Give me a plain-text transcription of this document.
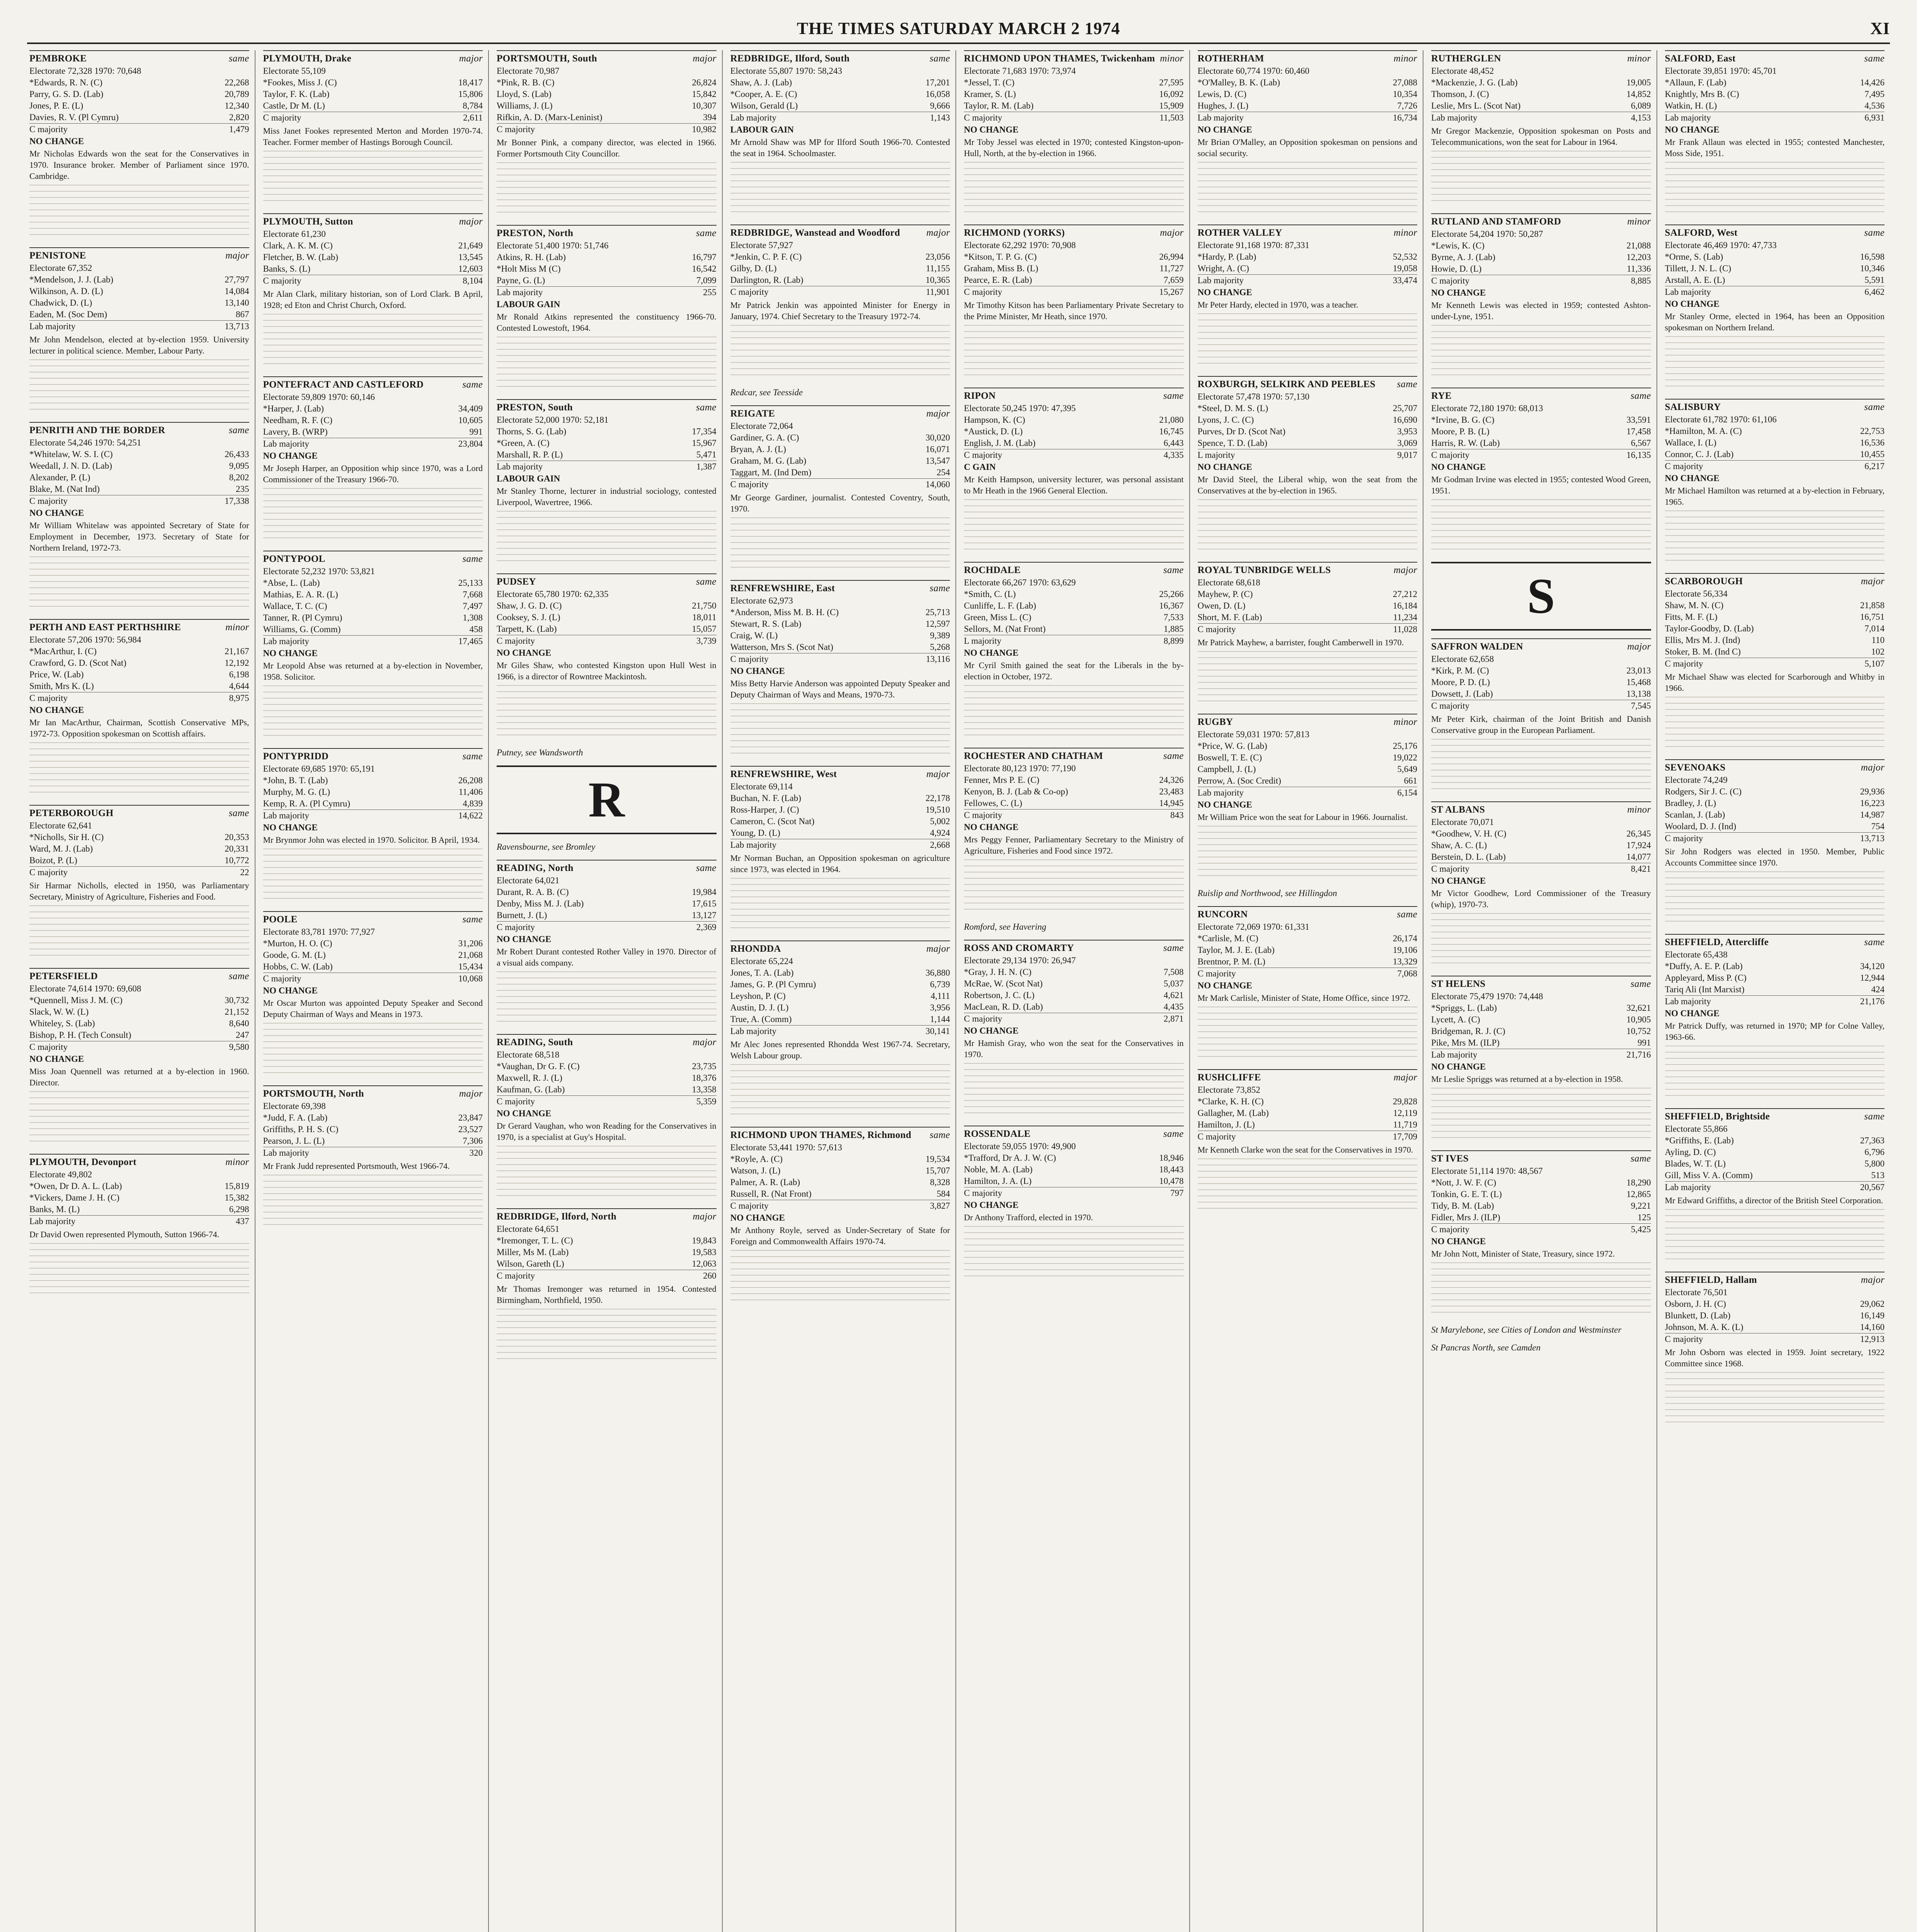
THE TIMES SATURDAY MARCH 2 1974	XI
PEMBROKE	same
Electorate 72,328 1970: 70,648
*Edwards, R. N. (C)	22,268
Parry, G. S. D. (Lab)	20,789
Jones, P. E. (L)	12,340
Davies, R. V. (Pl Cymru)	2,820
C majority	1,479
NO CHANGE
Mr Nicholas Edwards won the seat for the Conservatives in 1970. Insurance broker. Member of Parliament since 1970. Cambridge.
PENISTONE	major
Electorate 67,352
*Mendelson, J. J. (Lab)	27,797
Wilkinson, A. D. (L)	14,084
Chadwick, D. (L)	13,140
Eaden, M. (Soc Dem)	867
Lab majority	13,713
Mr John Mendelson, elected at by-election 1959. University lecturer in political science. Member, Labour Party.
PENRITH AND THE BORDER	same
Electorate 54,246 1970: 54,251
*Whitelaw, W. S. I. (C)	26,433
Weedall, J. N. D. (Lab)	9,095
Alexander, P. (L)	8,202
Blake, M. (Nat Ind)	235
C majority	17,338
NO CHANGE
Mr William Whitelaw was appointed Secretary of State for Employment in December, 1973. Secretary of State for Northern Ireland, 1972-73.
PERTH AND EAST PERTHSHIRE	minor
Electorate 57,206 1970: 56,984
*MacArthur, I. (C)	21,167
Crawford, G. D. (Scot Nat)	12,192
Price, W. (Lab)	6,198
Smith, Mrs K. (L)	4,644
C majority	8,975
NO CHANGE
Mr Ian MacArthur, Chairman, Scottish Conservative MPs, 1972-73. Opposition spokesman on Scottish affairs.
PETERBOROUGH	same
Electorate 62,641
*Nicholls, Sir H. (C)	20,353
Ward, M. J. (Lab)	20,331
Boizot, P. (L)	10,772
C majority	22
Sir Harmar Nicholls, elected in 1950, was Parliamentary Secretary, Ministry of Agriculture, Fisheries and Food.
PETERSFIELD	same
Electorate 74,614 1970: 69,608
*Quennell, Miss J. M. (C)	30,732
Slack, W. W. (L)	21,152
Whiteley, S. (Lab)	8,640
Bishop, P. H. (Tech Consult)	247
C majority	9,580
NO CHANGE
Miss Joan Quennell was returned at a by-election in 1960. Director.
PLYMOUTH, Devonport	minor
Electorate 49,802
*Owen, Dr D. A. L. (Lab)	15,819
*Vickers, Dame J. H. (C)	15,382
Banks, M. (L)	6,298
Lab majority	437
Dr David Owen represented Plymouth, Sutton 1966-74.
PLYMOUTH, Drake	major
Electorate 55,109
*Fookes, Miss J. (C)	18,417
Taylor, F. K. (Lab)	15,806
Castle, Dr M. (L)	8,784
C majority	2,611
Miss Janet Fookes represented Merton and Morden 1970-74. Teacher. Former member of Hastings Borough Council.
PLYMOUTH, Sutton	major
Electorate 61,230
Clark, A. K. M. (C)	21,649
Fletcher, B. W. (Lab)	13,545
Banks, S. (L)	12,603
C majority	8,104
Mr Alan Clark, military historian, son of Lord Clark. B April, 1928; ed Eton and Christ Church, Oxford.
PONTEFRACT AND CASTLEFORD	same
Electorate 59,809 1970: 60,146
*Harper, J. (Lab)	34,409
Needham, R. F. (C)	10,605
Lavery, B. (WRP)	991
Lab majority	23,804
NO CHANGE
Mr Joseph Harper, an Opposition whip since 1970, was a Lord Commissioner of the Treasury 1966-70.
PONTYPOOL	same
Electorate 52,232 1970: 53,821
*Abse, L. (Lab)	25,133
Mathias, E. A. R. (L)	7,668
Wallace, T. C. (C)	7,497
Tanner, R. (Pl Cymru)	1,308
Williams, G. (Comm)	458
Lab majority	17,465
NO CHANGE
Mr Leopold Abse was returned at a by-election in November, 1958. Solicitor.
PONTYPRIDD	same
Electorate 69,685 1970: 65,191
*John, B. T. (Lab)	26,208
Murphy, M. G. (L)	11,406
Kemp, R. A. (Pl Cymru)	4,839
Lab majority	14,622
NO CHANGE
Mr Brynmor John was elected in 1970. Solicitor. B April, 1934.
POOLE	same
Electorate 83,781 1970: 77,927
*Murton, H. O. (C)	31,206
Goode, G. M. (L)	21,068
Hobbs, C. W. (Lab)	15,434
C majority	10,068
NO CHANGE
Mr Oscar Murton was appointed Deputy Speaker and Second Deputy Chairman of Ways and Means in 1973.
PORTSMOUTH, North	major
Electorate 69,398
*Judd, F. A. (Lab)	23,847
Griffiths, P. H. S. (C)	23,527
Pearson, J. L. (L)	7,306
Lab majority	320
Mr Frank Judd represented Portsmouth, West 1966-74.
PORTSMOUTH, South	major
Electorate 70,987
*Pink, R. B. (C)	26,824
Lloyd, S. (Lab)	15,842
Williams, J. (L)	10,307
Rifkin, A. D. (Marx-Leninist)	394
C majority	10,982
Mr Bonner Pink, a company director, was elected in 1966. Former Portsmouth City Councillor.
PRESTON, North	same
Electorate 51,400 1970: 51,746
Atkins, R. H. (Lab)	16,797
*Holt Miss M (C)	16,542
Payne, G. (L)	7,099
Lab majority	255
LABOUR GAIN
Mr Ronald Atkins represented the constituency 1966-70. Contested Lowestoft, 1964.
PRESTON, South	same
Electorate 52,000 1970: 52,181
Thorns, S. G. (Lab)	17,354
*Green, A. (C)	15,967
Marshall, R. P. (L)	5,471
Lab majority	1,387
LABOUR GAIN
Mr Stanley Thorne, lecturer in industrial sociology, contested Liverpool, Wavertree, 1966.
PUDSEY	same
Electorate 65,780 1970: 62,335
Shaw, J. G. D. (C)	21,750
Cooksey, S. J. (L)	18,011
Tarpett, K. (Lab)	15,057
C majority	3,739
NO CHANGE
Mr Giles Shaw, who contested Kingston upon Hull West in 1966, is a director of Rowntree Mackintosh.
Putney, see Wandsworth
R
Ravensbourne, see Bromley
READING, North	same
Electorate 64,021
Durant, R. A. B. (C)	19,984
Denby, Miss M. J. (Lab)	17,615
Burnett, J. (L)	13,127
C majority	2,369
NO CHANGE
Mr Robert Durant contested Rother Valley in 1970. Director of a visual aids company.
READING, South	major
Electorate 68,518
*Vaughan, Dr G. F. (C)	23,735
Maxwell, R. J. (L)	18,376
Kaufman, G. (Lab)	13,358
C majority	5,359
NO CHANGE
Dr Gerard Vaughan, who won Reading for the Conservatives in 1970, is a specialist at Guy's Hospital.
REDBRIDGE, Ilford, North	major
Electorate 64,651
*Iremonger, T. L. (C)	19,843
Miller, Ms M. (Lab)	19,583
Wilson, Gareth (L)	12,063
C majority	260
Mr Thomas Iremonger was returned in 1954. Contested Birmingham, Northfield, 1950.
REDBRIDGE, Ilford, South	same
Electorate 55,807 1970: 58,243
Shaw, A. J. (Lab)	17,201
*Cooper, A. E. (C)	16,058
Wilson, Gerald (L)	9,666
Lab majority	1,143
LABOUR GAIN
Mr Arnold Shaw was MP for Ilford South 1966-70. Contested the seat in 1964. Schoolmaster.
REDBRIDGE, Wanstead and Woodford	major
Electorate 57,927
*Jenkin, C. P. F. (C)	23,056
Gilby, D. (L)	11,155
Darlington, R. (Lab)	10,365
C majority	11,901
Mr Patrick Jenkin was appointed Minister for Energy in January, 1974. Chief Secretary to the Treasury 1972-74.
Redcar, see Teesside
REIGATE	major
Electorate 72,064
Gardiner, G. A. (C)	30,020
Bryan, A. J. (L)	16,071
Graham, M. G. (Lab)	13,547
Taggart, M. (Ind Dem)	254
C majority	14,060
Mr George Gardiner, journalist. Contested Coventry, South, 1970.
RENFREWSHIRE, East	same
Electorate 62,973
*Anderson, Miss M. B. H. (C)	25,713
Stewart, R. S. (Lab)	12,597
Craig, W. (L)	9,389
Watterson, Mrs S. (Scot Nat)	5,268
C majority	13,116
NO CHANGE
Miss Betty Harvie Anderson was appointed Deputy Speaker and Deputy Chairman of Ways and Means, 1970-73.
RENFREWSHIRE, West	major
Electorate 69,114
Buchan, N. F. (Lab)	22,178
Ross-Harper, J. (C)	19,510
Cameron, C. (Scot Nat)	5,002
Young, D. (L)	4,924
Lab majority	2,668
Mr Norman Buchan, an Opposition spokesman on agriculture since 1973, was elected in 1964.
RHONDDA	major
Electorate 65,224
Jones, T. A. (Lab)	36,880
James, G. P. (Pl Cymru)	6,739
Leyshon, P. (C)	4,111
Austin, D. J. (L)	3,956
True, A. (Comm)	1,144
Lab majority	30,141
Mr Alec Jones represented Rhondda West 1967-74. Secretary, Welsh Labour group.
RICHMOND UPON THAMES, Richmond same
Electorate 53,441 1970: 57,613
*Royle, A. (C)	19,534
Watson, J. (L)	15,707
Palmer, A. R. (Lab)	8,328
Russell, R. (Nat Front)	584
C majority	3,827
NO CHANGE
Mr Anthony Royle, served as Under-Secretary of State for Foreign and Commonwealth Affairs 1970-74.
RICHMOND UPON THAMES, Twickenham minor
Electorate 71,683 1970: 73,974
*Jessel, T. (C)	27,595
Kramer, S. (L)	16,092
Taylor, R. M. (Lab)	15,909
C majority	11,503
NO CHANGE
Mr Toby Jessel was elected in 1970; contested Kingston-upon-Hull, North, at the by-election in 1966.
RICHMOND (YORKS)	major
Electorate 62,292 1970: 70,908
*Kitson, T. P. G. (C)	26,994
Graham, Miss B. (L)	11,727
Pearce, E. R. (Lab)	7,659
C majority	15,267
Mr Timothy Kitson has been Parliamentary Private Secretary to the Prime Minister, Mr Heath, since 1970.
RIPON	same
Electorate 50,245 1970: 47,395
Hampson, K. (C)	21,080
*Austick, D. (L)	16,745
English, J. M. (Lab)	6,443
C majority	4,335
C GAIN
Mr Keith Hampson, university lecturer, was personal assistant to Mr Heath in the 1966 General Election.
ROCHDALE	same
Electorate 66,267 1970: 63,629
*Smith, C. (L)	25,266
Cunliffe, L. F. (Lab)	16,367
Green, Miss L. (C)	7,533
Sellors, M. (Nat Front)	1,885
L majority	8,899
NO CHANGE
Mr Cyril Smith gained the seat for the Liberals in the by-election in October, 1972.
ROCHESTER AND CHATHAM	same
Electorate 80,123 1970: 77,190
Fenner, Mrs P. E. (C)	24,326
Kenyon, B. J. (Lab & Co-op)	23,483
Fellowes, C. (L)	14,945
C majority	843
NO CHANGE
Mrs Peggy Fenner, Parliamentary Secretary to the Ministry of Agriculture, Fisheries and Food since 1972.
Romford, see Havering
ROSS AND CROMARTY	same
Electorate 29,134 1970: 26,947
*Gray, J. H. N. (C)	7,508
McRae, W. (Scot Nat)	5,037
Robertson, J. C. (L)	4,621
MacLean, R. D. (Lab)	4,435
C majority	2,871
NO CHANGE
Mr Hamish Gray, who won the seat for the Conservatives in 1970.
ROSSENDALE	same
Electorate 59,055 1970: 49,900
*Trafford, Dr A. J. W. (C)	18,946
Noble, M. A. (Lab)	18,443
Hamilton, J. A. (L)	10,478
C majority	797
NO CHANGE
Dr Anthony Trafford, elected in 1970.
ROTHERHAM	minor
Electorate 60,774 1970: 60,460
*O'Malley, B. K. (Lab)	27,088
Lewis, D. (C)	10,354
Hughes, J. (L)	7,726
Lab majority	16,734
NO CHANGE
Mr Brian O'Malley, an Opposition spokesman on pensions and social security.
ROTHER VALLEY	minor
Electorate 91,168 1970: 87,331
*Hardy, P. (Lab)	52,532
Wright, A. (C)	19,058
Lab majority	33,474
NO CHANGE
Mr Peter Hardy, elected in 1970, was a teacher.
ROXBURGH, SELKIRK AND PEEBLES same
Electorate 57,478 1970: 57,130
*Steel, D. M. S. (L)	25,707
Lyons, J. C. (C)	16,690
Purves, Dr D. (Scot Nat)	3,953
Spence, T. D. (Lab)	3,069
L majority	9,017
NO CHANGE
Mr David Steel, the Liberal whip, won the seat from the Conservatives at the by-election in 1965.
ROYAL TUNBRIDGE WELLS	major
Electorate 68,618
Mayhew, P. (C)	27,212
Owen, D. (L)	16,184
Short, M. F. (Lab)	11,234
C majority	11,028
Mr Patrick Mayhew, a barrister, fought Camberwell in 1970.
RUGBY	minor
Electorate 59,031 1970: 57,813
*Price, W. G. (Lab)	25,176
Boswell, T. E. (C)	19,022
Campbell, J. (L)	5,649
Perrow, A. (Soc Credit)	661
Lab majority	6,154
NO CHANGE
Mr William Price won the seat for Labour in 1966. Journalist.
Ruislip and Northwood, see Hillingdon
RUNCORN	same
Electorate 72,069 1970: 61,331
*Carlisle, M. (C)	26,174
Taylor, M. J. E. (Lab)	19,106
Brentnor, P. M. (L)	13,329
C majority	7,068
NO CHANGE
Mr Mark Carlisle, Minister of State, Home Office, since 1972.
RUSHCLIFFE	major
Electorate 73,852
*Clarke, K. H. (C)	29,828
Gallagher, M. (Lab)	12,119
Hamilton, J. (L)	11,719
C majority	17,709
Mr Kenneth Clarke won the seat for the Conservatives in 1970.
RUTHERGLEN	minor
Electorate 48,452
*Mackenzie, J. G. (Lab)	19,005
Thomson, J. (C)	14,852
Leslie, Mrs L. (Scot Nat)	6,089
Lab majority	4,153
Mr Gregor Mackenzie, Opposition spokesman on Posts and Telecommunications, won the seat for Labour in 1964.
RUTLAND AND STAMFORD	minor
Electorate 54,204 1970: 50,287
*Lewis, K. (C)	21,088
Byrne, A. J. (Lab)	12,203
Howie, D. (L)	11,336
C majority	8,885
NO CHANGE
Mr Kenneth Lewis was elected in 1959; contested Ashton-under-Lyne, 1951.
RYE	same
Electorate 72,180 1970: 68,013
*Irvine, B. G. (C)	33,591
Moore, P. B. (L)	17,458
Harris, R. W. (Lab)	6,567
C majority	16,135
NO CHANGE
Mr Godman Irvine was elected in 1955; contested Wood Green, 1951.
S
SAFFRON WALDEN	major
Electorate 62,658
*Kirk, P. M. (C)	23,013
Moore, P. D. (L)	15,468
Dowsett, J. (Lab)	13,138
C majority	7,545
Mr Peter Kirk, chairman of the Joint British and Danish Conservative group in the European Parliament.
ST ALBANS	minor
Electorate 70,071
*Goodhew, V. H. (C)	26,345
Shaw, A. C. (L)	17,924
Berstein, D. L. (Lab)	14,077
C majority	8,421
NO CHANGE
Mr Victor Goodhew, Lord Commissioner of the Treasury (whip), 1970-73.
ST HELENS	same
Electorate 75,479 1970: 74,448
*Spriggs, L. (Lab)	32,621
Lycett, A. (C)	10,905
Bridgeman, R. J. (C)	10,752
Pike, Mrs M. (ILP)	991
Lab majority	21,716
NO CHANGE
Mr Leslie Spriggs was returned at a by-election in 1958.
ST IVES	same
Electorate 51,114 1970: 48,567
*Nott, J. W. F. (C)	18,290
Tonkin, G. E. T. (L)	12,865
Tidy, B. M. (Lab)	9,221
Fidler, Mrs J. (ILP)	125
C majority	5,425
NO CHANGE
Mr John Nott, Minister of State, Treasury, since 1972.
St Marylebone, see Cities of London and Westminster
St Pancras North, see Camden
SALFORD, East	same
Electorate 39,851 1970: 45,701
*Allaun, F. (Lab)	14,426
Knightly, Mrs B. (C)	7,495
Watkin, H. (L)	4,536
Lab majority	6,931
NO CHANGE
Mr Frank Allaun was elected in 1955; contested Manchester, Moss Side, 1951.
SALFORD, West	same
Electorate 46,469 1970: 47,733
*Orme, S. (Lab)	16,598
Tillett, J. N. L. (C)	10,346
Arstall, A. E. (L)	5,591
Lab majority	6,462
NO CHANGE
Mr Stanley Orme, elected in 1964, has been an Opposition spokesman on Northern Ireland.
SALISBURY	same
Electorate 61,782 1970: 61,106
*Hamilton, M. A. (C)	22,753
Wallace, I. (L)	16,536
Connor, C. J. (Lab)	10,455
C majority	6,217
NO CHANGE
Mr Michael Hamilton was returned at a by-election in February, 1965.
SCARBOROUGH	major
Electorate 56,334
Shaw, M. N. (C)	21,858
Fitts, M. F. (L)	16,751
Taylor-Goodby, D. (Lab)	7,014
Ellis, Mrs M. J. (Ind)	110
Stoker, B. M. (Ind C)	102
C majority	5,107
Mr Michael Shaw was elected for Scarborough and Whitby in 1966.
SEVENOAKS	major
Electorate 74,249
Rodgers, Sir J. C. (C)	29,936
Bradley, J. (L)	16,223
Scanlan, J. (Lab)	14,987
Woolard, D. J. (Ind)	754
C majority	13,713
Sir John Rodgers was elected in 1950. Member, Public Accounts Committee since 1970.
SHEFFIELD, Attercliffe	same
Electorate 65,438
*Duffy, A. E. P. (Lab)	34,120
Appleyard, Miss P. (C)	12,944
Tariq Ali (Int Marxist)	424
Lab majority	21,176
NO CHANGE
Mr Patrick Duffy, was returned in 1970; MP for Colne Valley, 1963-66.
SHEFFIELD, Brightside	same
Electorate 55,866
*Griffiths, E. (Lab)	27,363
Ayling, D. (C)	6,796
Blades, W. T. (L)	5,800
Gill, Miss V. A. (Comm)	513
Lab majority	20,567
Mr Edward Griffiths, a director of the British Steel Corporation.
SHEFFIELD, Hallam	major
Electorate 76,501
Osborn, J. H. (C)	29,062
Blunkett, D. (Lab)	16,149
Johnson, M. A. K. (L)	14,160
C majority	12,913
Mr John Osborn was elected in 1959. Joint secretary, 1922 Committee since 1968.
